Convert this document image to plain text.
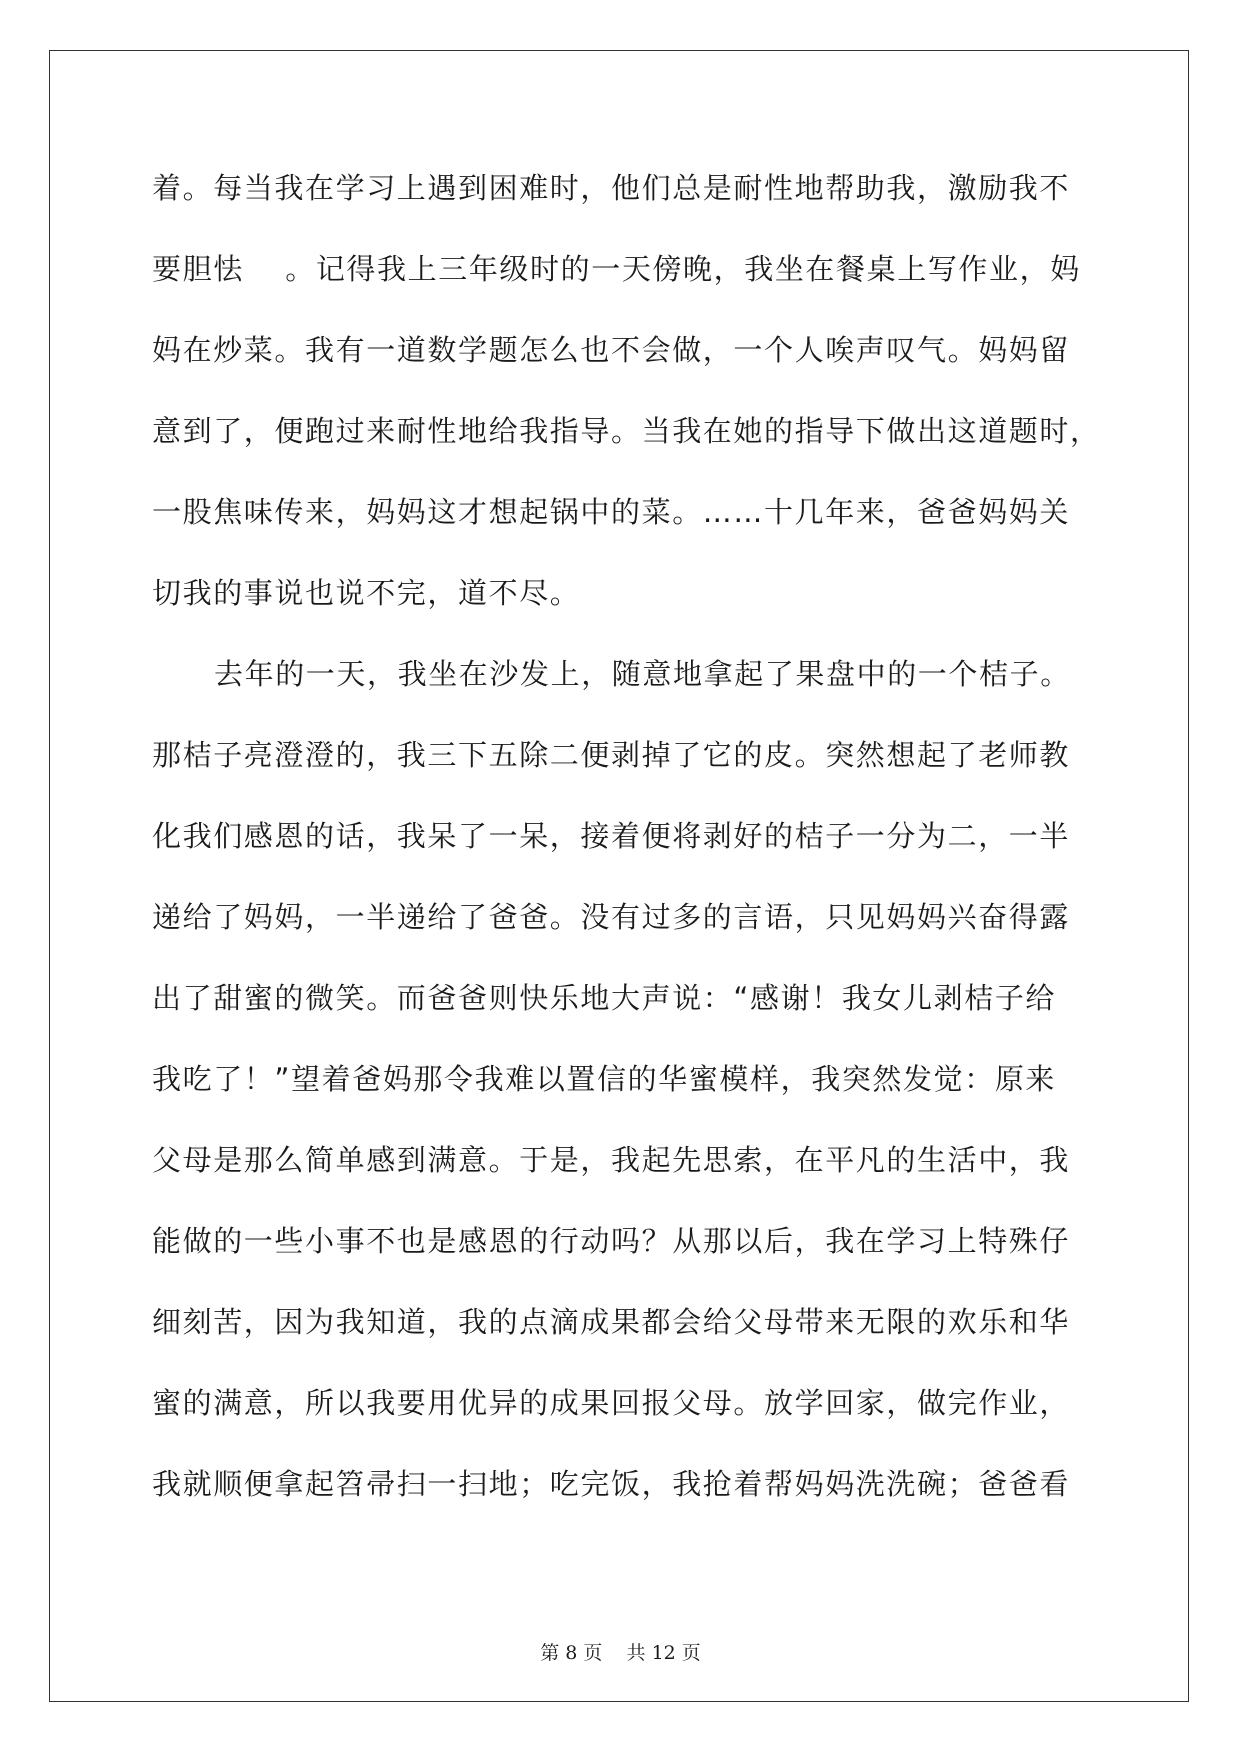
着。每当我在学习上遇到困难时，他们总是耐性地帮助我，激励我不
要胆怯　 。记得我上三年级时的一天傍晚，我坐在餐桌上写作业，妈
妈在炒菜。我有一道数学题怎么也不会做，一个人唉声叹气。妈妈留
意到了，便跑过来耐性地给我指导。当我在她的指导下做出这道题时，
一股焦味传来，妈妈这才想起锅中的菜。……十几年来，爸爸妈妈关
切我的事说也说不完，道不尽。
去年的一天，我坐在沙发上，随意地拿起了果盘中的一个桔子。
那桔子亮澄澄的，我三下五除二便剥掉了它的皮。突然想起了老师教
化我们感恩的话，我呆了一呆，接着便将剥好的桔子一分为二，一半
递给了妈妈，一半递给了爸爸。没有过多的言语，只见妈妈兴奋得露
出了甜蜜的微笑。而爸爸则快乐地大声说：“感谢！我女儿剥桔子给
我吃了！”望着爸妈那令我难以置信的华蜜模样，我突然发觉：原来
父母是那么简单感到满意。于是，我起先思索，在平凡的生活中，我
能做的一些小事不也是感恩的行动吗？从那以后，我在学习上特殊仔
细刻苦，因为我知道，我的点滴成果都会给父母带来无限的欢乐和华
蜜的满意，所以我要用优异的成果回报父母。放学回家，做完作业，
我就顺便拿起笤帚扫一扫地；吃完饭，我抢着帮妈妈洗洗碗；爸爸看
第 8 页 共 12 页
